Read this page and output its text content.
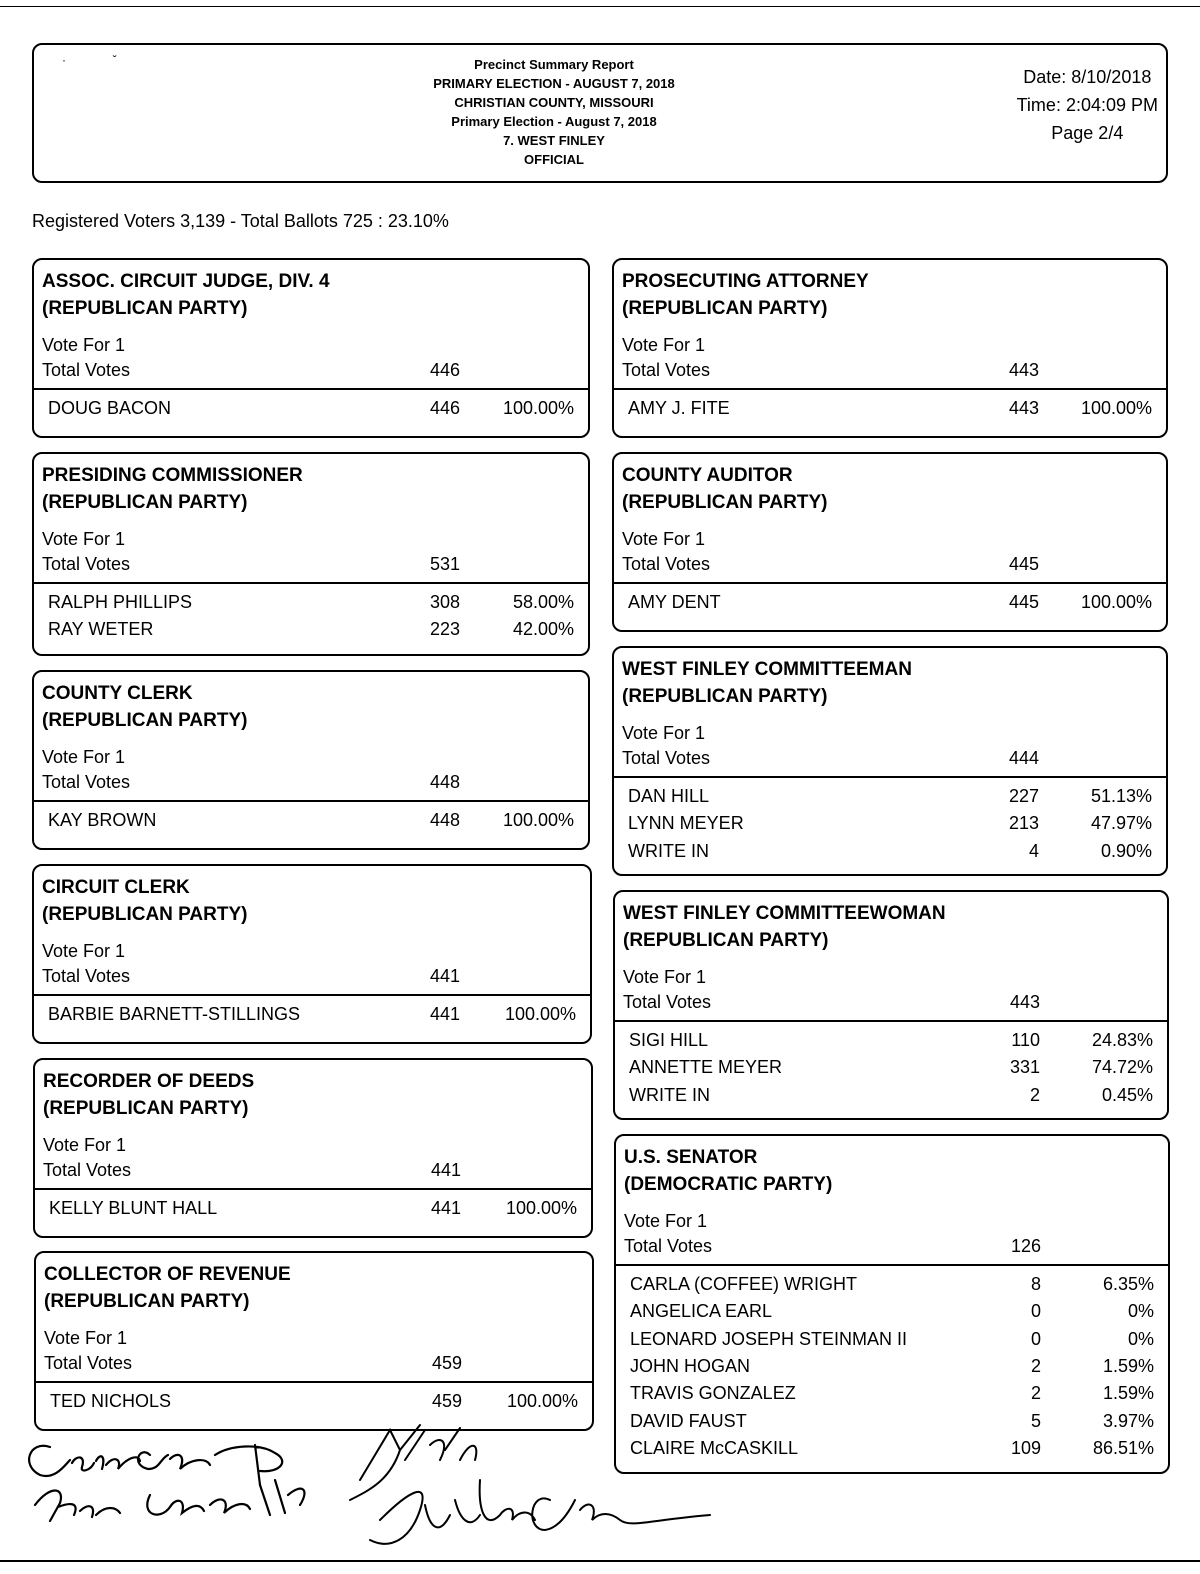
·              ˇ	Precinct Summary Report
PRIMARY ELECTION - AUGUST 7, 2018
CHRISTIAN COUNTY, MISSOURI
Primary Election - August 7, 2018
7. WEST FINLEY
OFFICIAL
Date: 8/10/2018
Time: 2:04:09 PM
Page 2/4
Registered Voters 3,139 - Total Ballots 725 : 23.10%
ASSOC. CIRCUIT JUDGE, DIV. 4
(REPUBLICAN PARTY)
Vote For 1
Total Votes	446
DOUG BACON	446	100.00%
PRESIDING COMMISSIONER
(REPUBLICAN PARTY)
Vote For 1
Total Votes	531
RALPH PHILLIPS	308	58.00%
RAY WETER	223	42.00%
COUNTY CLERK
(REPUBLICAN PARTY)
Vote For 1
Total Votes	448
KAY BROWN	448	100.00%
CIRCUIT CLERK
(REPUBLICAN PARTY)
Vote For 1
Total Votes	441
BARBIE BARNETT-STILLINGS	441	100.00%
RECORDER OF DEEDS
(REPUBLICAN PARTY)
Vote For 1
Total Votes	441
KELLY BLUNT HALL	441	100.00%
COLLECTOR OF REVENUE
(REPUBLICAN PARTY)
Vote For 1
Total Votes	459
TED NICHOLS	459	100.00%
PROSECUTING ATTORNEY
(REPUBLICAN PARTY)
Vote For 1
Total Votes	443
AMY J. FITE	443	100.00%
COUNTY AUDITOR
(REPUBLICAN PARTY)
Vote For 1
Total Votes	445
AMY DENT	445	100.00%
WEST FINLEY COMMITTEEMAN
(REPUBLICAN PARTY)
Vote For 1
Total Votes	444
DAN HILL	227	51.13%
LYNN MEYER	213	47.97%
WRITE IN	4	0.90%
WEST FINLEY COMMITTEEWOMAN
(REPUBLICAN PARTY)
Vote For 1
Total Votes	443
SIGI HILL	110	24.83%
ANNETTE MEYER	331	74.72%
WRITE IN	2	0.45%
U.S. SENATOR
(DEMOCRATIC PARTY)
Vote For 1
Total Votes	126
CARLA (COFFEE) WRIGHT	8	6.35%
ANGELICA EARL	0	0%
LEONARD JOSEPH STEINMAN II	0	0%
JOHN HOGAN	2	1.59%
TRAVIS GONZALEZ	2	1.59%
DAVID FAUST	5	3.97%
CLAIRE McCASKILL	109	86.51%
